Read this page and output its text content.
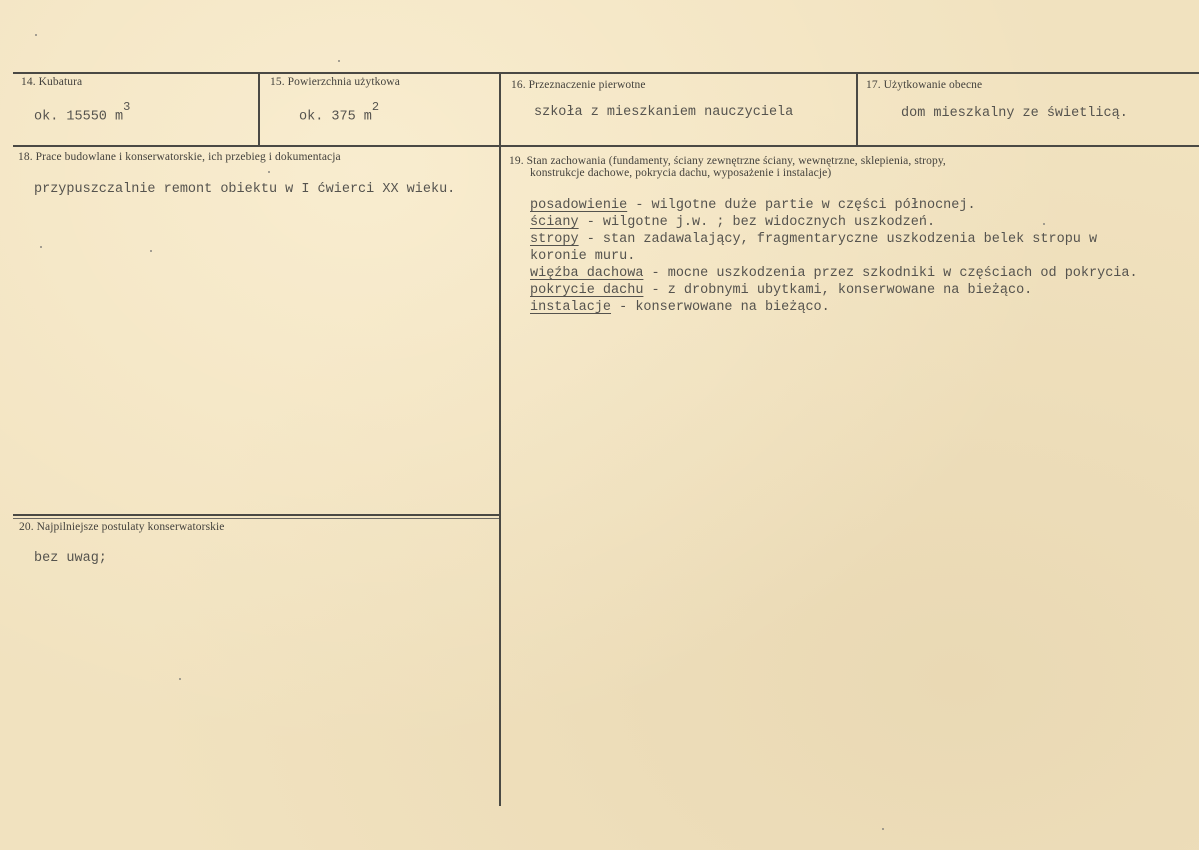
14. Kubatura
ok. 15550 $m^3$
15. Powierzchnia użytkowa
ok. 375 $m^2$
16. Przeznaczenie pierwotne
szkoła z mieszkaniem nauczyciela
17. Użytkowanie obecne
dom mieszkalny ze świetlicą.
18. Prace budowlane i konserwatorskie, ich przebieg i dokumentacja
przypuszczalnie remont obiektu w I ćwierci XX wieku.
19. Stan zachowania (fundamenty, ściany zewnętrzne ściany, wewnętrzne, sklepienia, stropy,
konstrukcje dachowe, pokrycia dachu, wyposażenie i instalacje)
posadowienie - wilgotne duże partie w części północnej.
ściany - wilgotne j.w. ; bez widocznych uszkodzeń.
stropy - stan zadawalający, fragmentaryczne uszkodzenia belek stropu w
koronie muru.
więźba dachowa - mocne uszkodzenia przez szkodniki w częściach od pokrycia.
pokrycie dachu - z drobnymi ubytkami, konserwowane na bieżąco.
instalacje - konserwowane na bieżąco.
20. Najpilniejsze postulaty konserwatorskie
bez uwag;
